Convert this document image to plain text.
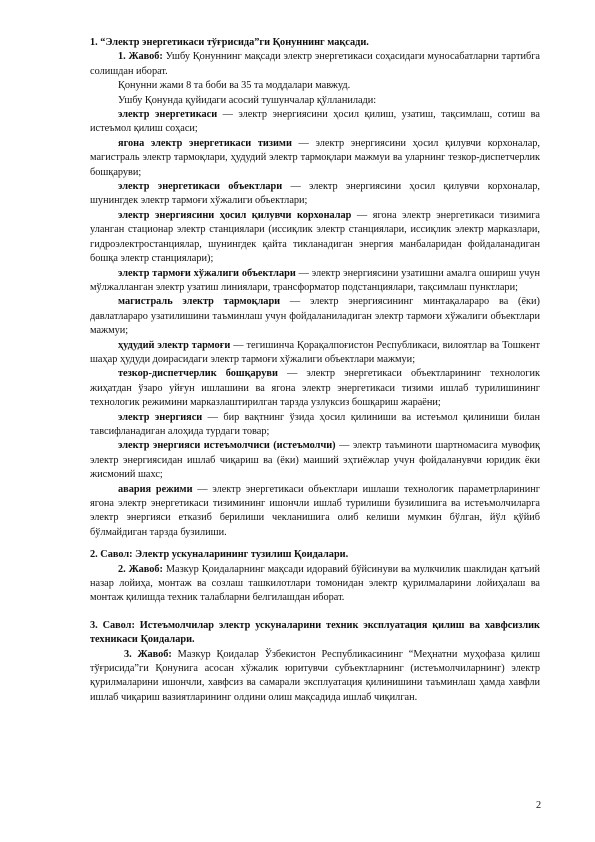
1. “Электр энергетикаси тўғрисида”ги Қонуннинг мақсади.

1. Жавоб: Ушбу Қонуннинг мақсади электр энергетикаси соҳасидаги муносабатларни тартибга солишдан иборат.

Қонунни жами 8 та боби ва 35 та моддалари мавжуд.

Ушбу Қонунда қуйидаги асосий тушунчалар қўлланилади:

электр энергетикаси — электр энергиясини ҳосил қилиш, узатиш, тақсимлаш, сотиш ва истеъмол қилиш соҳаси;

ягона электр энергетикаси тизими — электр энергиясини ҳосил қилувчи корхоналар, магистраль электр тармоқлари, ҳудудий электр тармоқлари мажмуи ва уларнинг тезкор-диспетчерлик бошқаруви;

электр энергетикаси объектлари — электр энергиясини ҳосил қилувчи корхоналар, шунингдек электр тармоғи хўжалиги объектлари;

электр энергиясини ҳосил қилувчи корхоналар — ягона электр энергетикаси тизимига уланган стационар электр станциялари (иссиқлик электр станциялари, иссиқлик электр марказлари, гидроэлектростанциялар, шунингдек қайта тикланадиган энергия манбаларидан фойдаланадиган бошқа электр станциялари);

электр тармоғи хўжалиги объектлари — электр энергиясини узатишни амалга ошириш учун мўлжалланган электр узатиш линиялари, трансформатор подстанциялари, тақсимлаш пунктлари;

магистраль электр тармоқлари — электр энергиясининг минтақалараро ва (ёки) давлатлараро узатилишини таъминлаш учун фойдаланиладиган электр тармоғи хўжалиги объектлари мажмуи;

ҳудудий электр тармоғи — тегишинча Қорақалпоғистон Республикаси, вилоятлар ва Тошкент шаҳар ҳудуди доирасидаги электр тармоғи хўжалиги объектлари мажмуи;

тезкор-диспетчерлик бошқаруви — электр энергетикаси объектларининг технологик жиҳатдан ўзаро уйғун ишлашини ва ягона электр энергетикаси тизими ишлаб турилишининг технологик режимини марказлаштирилган тарзда узлуксиз бошқариш жараёни;

электр энергияси — бир вақтнинг ўзида ҳосил қилиниши ва истеъмол қилиниши билан тавсифланадиган алоҳида турдаги товар;

электр энергияси истеъмолчиси (истеъмолчи) — электр таъминоти шартномасига мувофиқ электр энергиясидан ишлаб чиқариш ва (ёки) маиший эҳтиёжлар учун фойдаланувчи юридик ёки жисмоний шахс;

авария режими — электр энергетикаси объектлари ишлаши технологик параметрларининг ягона электр энергетикаси тизимининг ишончли ишлаб турилиши бузилишига ва истеъмолчиларга электр энергияси етказиб берилиши чекланишига олиб келиши мумкин бўлган, йўл қўйиб бўлмайдиган тарзда бузилиши.

2. Савол: Электр ускуналарининг тузилиш Қоидалари.

2. Жавоб: Мазкур Қоидаларнинг мақсади идоравий бўйсинуви ва мулкчилик шаклидан қатъий назар лойиҳа, монтаж ва созлаш ташкилотлари томонидан электр қурилмаларини лойиҳалаш ва монтаж қилишда техник талабларни белгилашдан иборат.

3. Савол: Истеъмолчилар электр ускуналарини техник эксплуатация қилиш ва хавфсизлик техникаси Қоидалари.

3. Жавоб: Мазкур Қоидалар Ўзбекистон Республикасининг “Меҳнатни муҳофаза қилиш тўғрисида”ги Қонунига асосан хўжалик юритувчи субъектларнинг (истеъмолчиларнинг) электр қурилмаларини ишончли, хавфсиз ва самарали эксплуатация қилинишини таъминлаш ҳамда хавфли ишлаб чиқариш вазиятларининг олдини олиш мақсадида ишлаб чиқилган.

2
